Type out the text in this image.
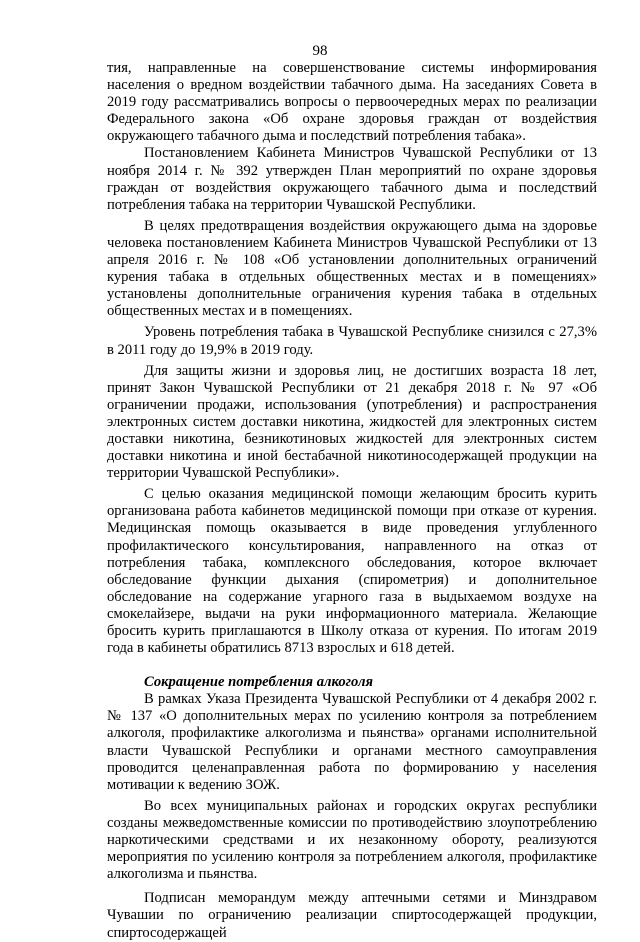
98

тия, направленные на совершенствование системы информирования населения о вредном воздействии табачного дыма. На заседаниях Совета в 2019 году рассматривались вопросы о первоочередных мерах по реализации Федерального закона «Об охране здоровья граждан от воздействия окружающего табачного дыма и последствий потребления табака».

Постановлением Кабинета Министров Чувашской Республики от 13 ноября 2014 г. № 392 утвержден План мероприятий по охране здоровья граждан от воздействия окружающего табачного дыма и последствий потребления табака на территории Чувашской Республики.

В целях предотвращения воздействия окружающего дыма на здоровье человека постановлением Кабинета Министров Чувашской Республики от 13 апреля 2016 г. № 108 «Об установлении дополнительных ограничений курения табака в отдельных общественных местах и в помещениях» установлены дополнительные ограничения курения табака в отдельных общественных местах и в помещениях.

Уровень потребления табака в Чувашской Республике снизился с 27,3% в 2011 году до 19,9% в 2019 году.

Для защиты жизни и здоровья лиц, не достигших возраста 18 лет, принят Закон Чувашской Республики от 21 декабря 2018 г. № 97 «Об ограничении продажи, использования (употребления) и распространения электронных систем доставки никотина, жидкостей для электронных систем доставки никотина, безникотиновых жидкостей для электронных систем доставки никотина и иной бестабачной никотиносодержащей продукции на территории Чувашской Республики».

С целью оказания медицинской помощи желающим бросить курить организована работа кабинетов медицинской помощи при отказе от курения. Медицинская помощь оказывается в виде проведения углубленного профилактического консультирования, направленного на отказ от потребления табака, комплексного обследования, которое включает обследование функции дыхания (спирометрия) и дополнительное обследование на содержание угарного газа в выдыхаемом воздухе на смокелайзере, выдачи на руки информационного материала. Желающие бросить курить приглашаются в Школу отказа от курения. По итогам 2019 года в кабинеты обратились 8713 взрослых и 618 детей.

Сокращение потребления алкоголя

В рамках Указа Президента Чувашской Республики от 4 декабря 2002 г. № 137 «О дополнительных мерах по усилению контроля за потреблением алкоголя, профилактике алкоголизма и пьянства» органами исполнительной власти Чувашской Республики и органами местного самоуправления проводится целенаправленная работа по формированию у населения мотивации к ведению ЗОЖ.

Во всех муниципальных районах и городских округах республики созданы межведомственные комиссии по противодействию злоупотреблению наркотическими средствами и их незаконному обороту, реализуются мероприятия по усилению контроля за потреблением алкоголя, профилактике алкоголизма и пьянства.

Подписан меморандум между аптечными сетями и Минздравом Чувашии по ограничению реализации спиртосодержащей продукции, спиртосодержащей
